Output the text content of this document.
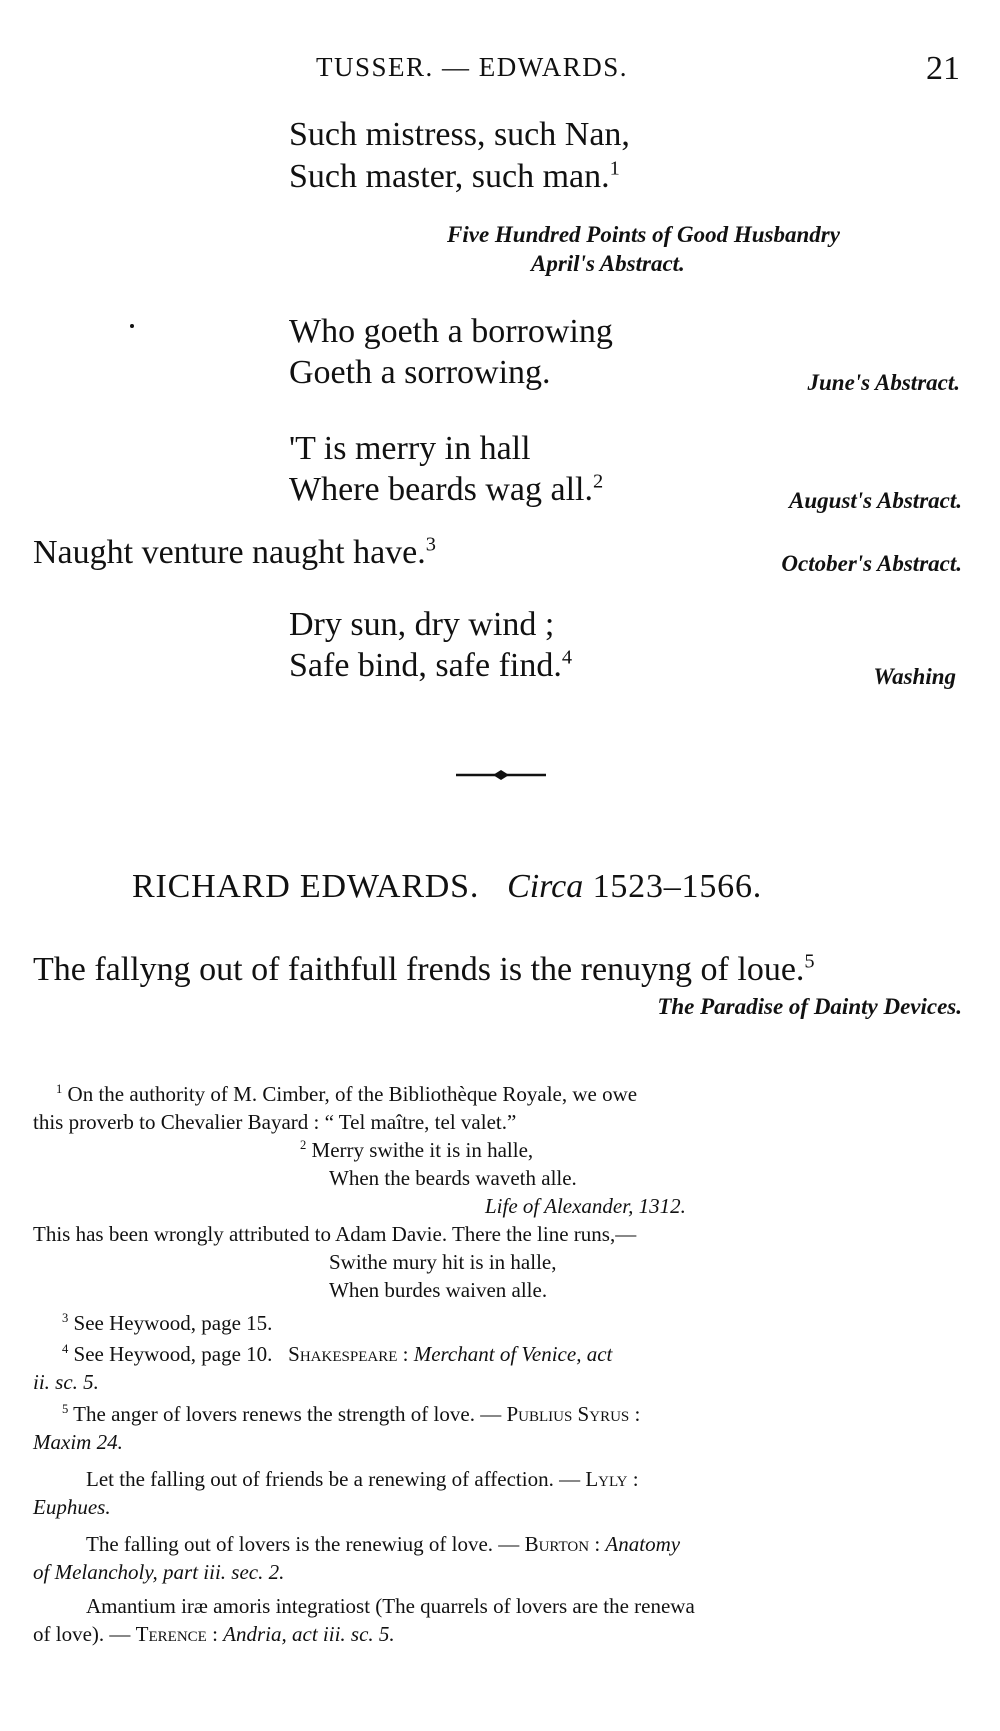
TUSSER. — EDWARDS.	21
Such mistress, such Nan,
Such master, such man.$^1$
Five Hundred Points of Good Husbandry
April's Abstract.
Who goeth a borrowing
Goeth a sorrowing.	June's Abstract.
'T is merry in hall
Where beards wag all.$^2$
August's Abstract.
Naught venture naught have.$^3$
October's Abstract.
Dry sun, dry wind ;
Safe bind, safe find.$^4$
Washing
RICHARD EDWARDS. Circa 1523–1566.
The fallyng out of faithfull frends is the renuyng of loue.$^5$
The Paradise of Dainty Devices.
$^1$ On the authority of M. Cimber, of the Bibliothèque Royale, we owe
this proverb to Chevalier Bayard : “ Tel maître, tel valet.”
$^2$ Merry swithe it is in halle,
When the beards waveth alle.
Life of Alexander, 1312.
This has been wrongly attributed to Adam Davie. There the line runs,—
Swithe mury hit is in halle,
When burdes waiven alle.
$^3$ See Heywood, page 15.
$^4$ See Heywood, page 10. Shakespeare : Merchant of Venice, act
ii. sc. 5.
$^5$ The anger of lovers renews the strength of love. — Publius Syrus :
Maxim 24.
Let the falling out of friends be a renewing of affection. — Lyly :
Euphues.
The falling out of lovers is the renewiug of love. — Burton : Anatomy
of Melancholy, part iii. sec. 2.
Amantium iræ amoris integratiost (The quarrels of lovers are the renewa
of love). — Terence : Andria, act iii. sc. 5.
